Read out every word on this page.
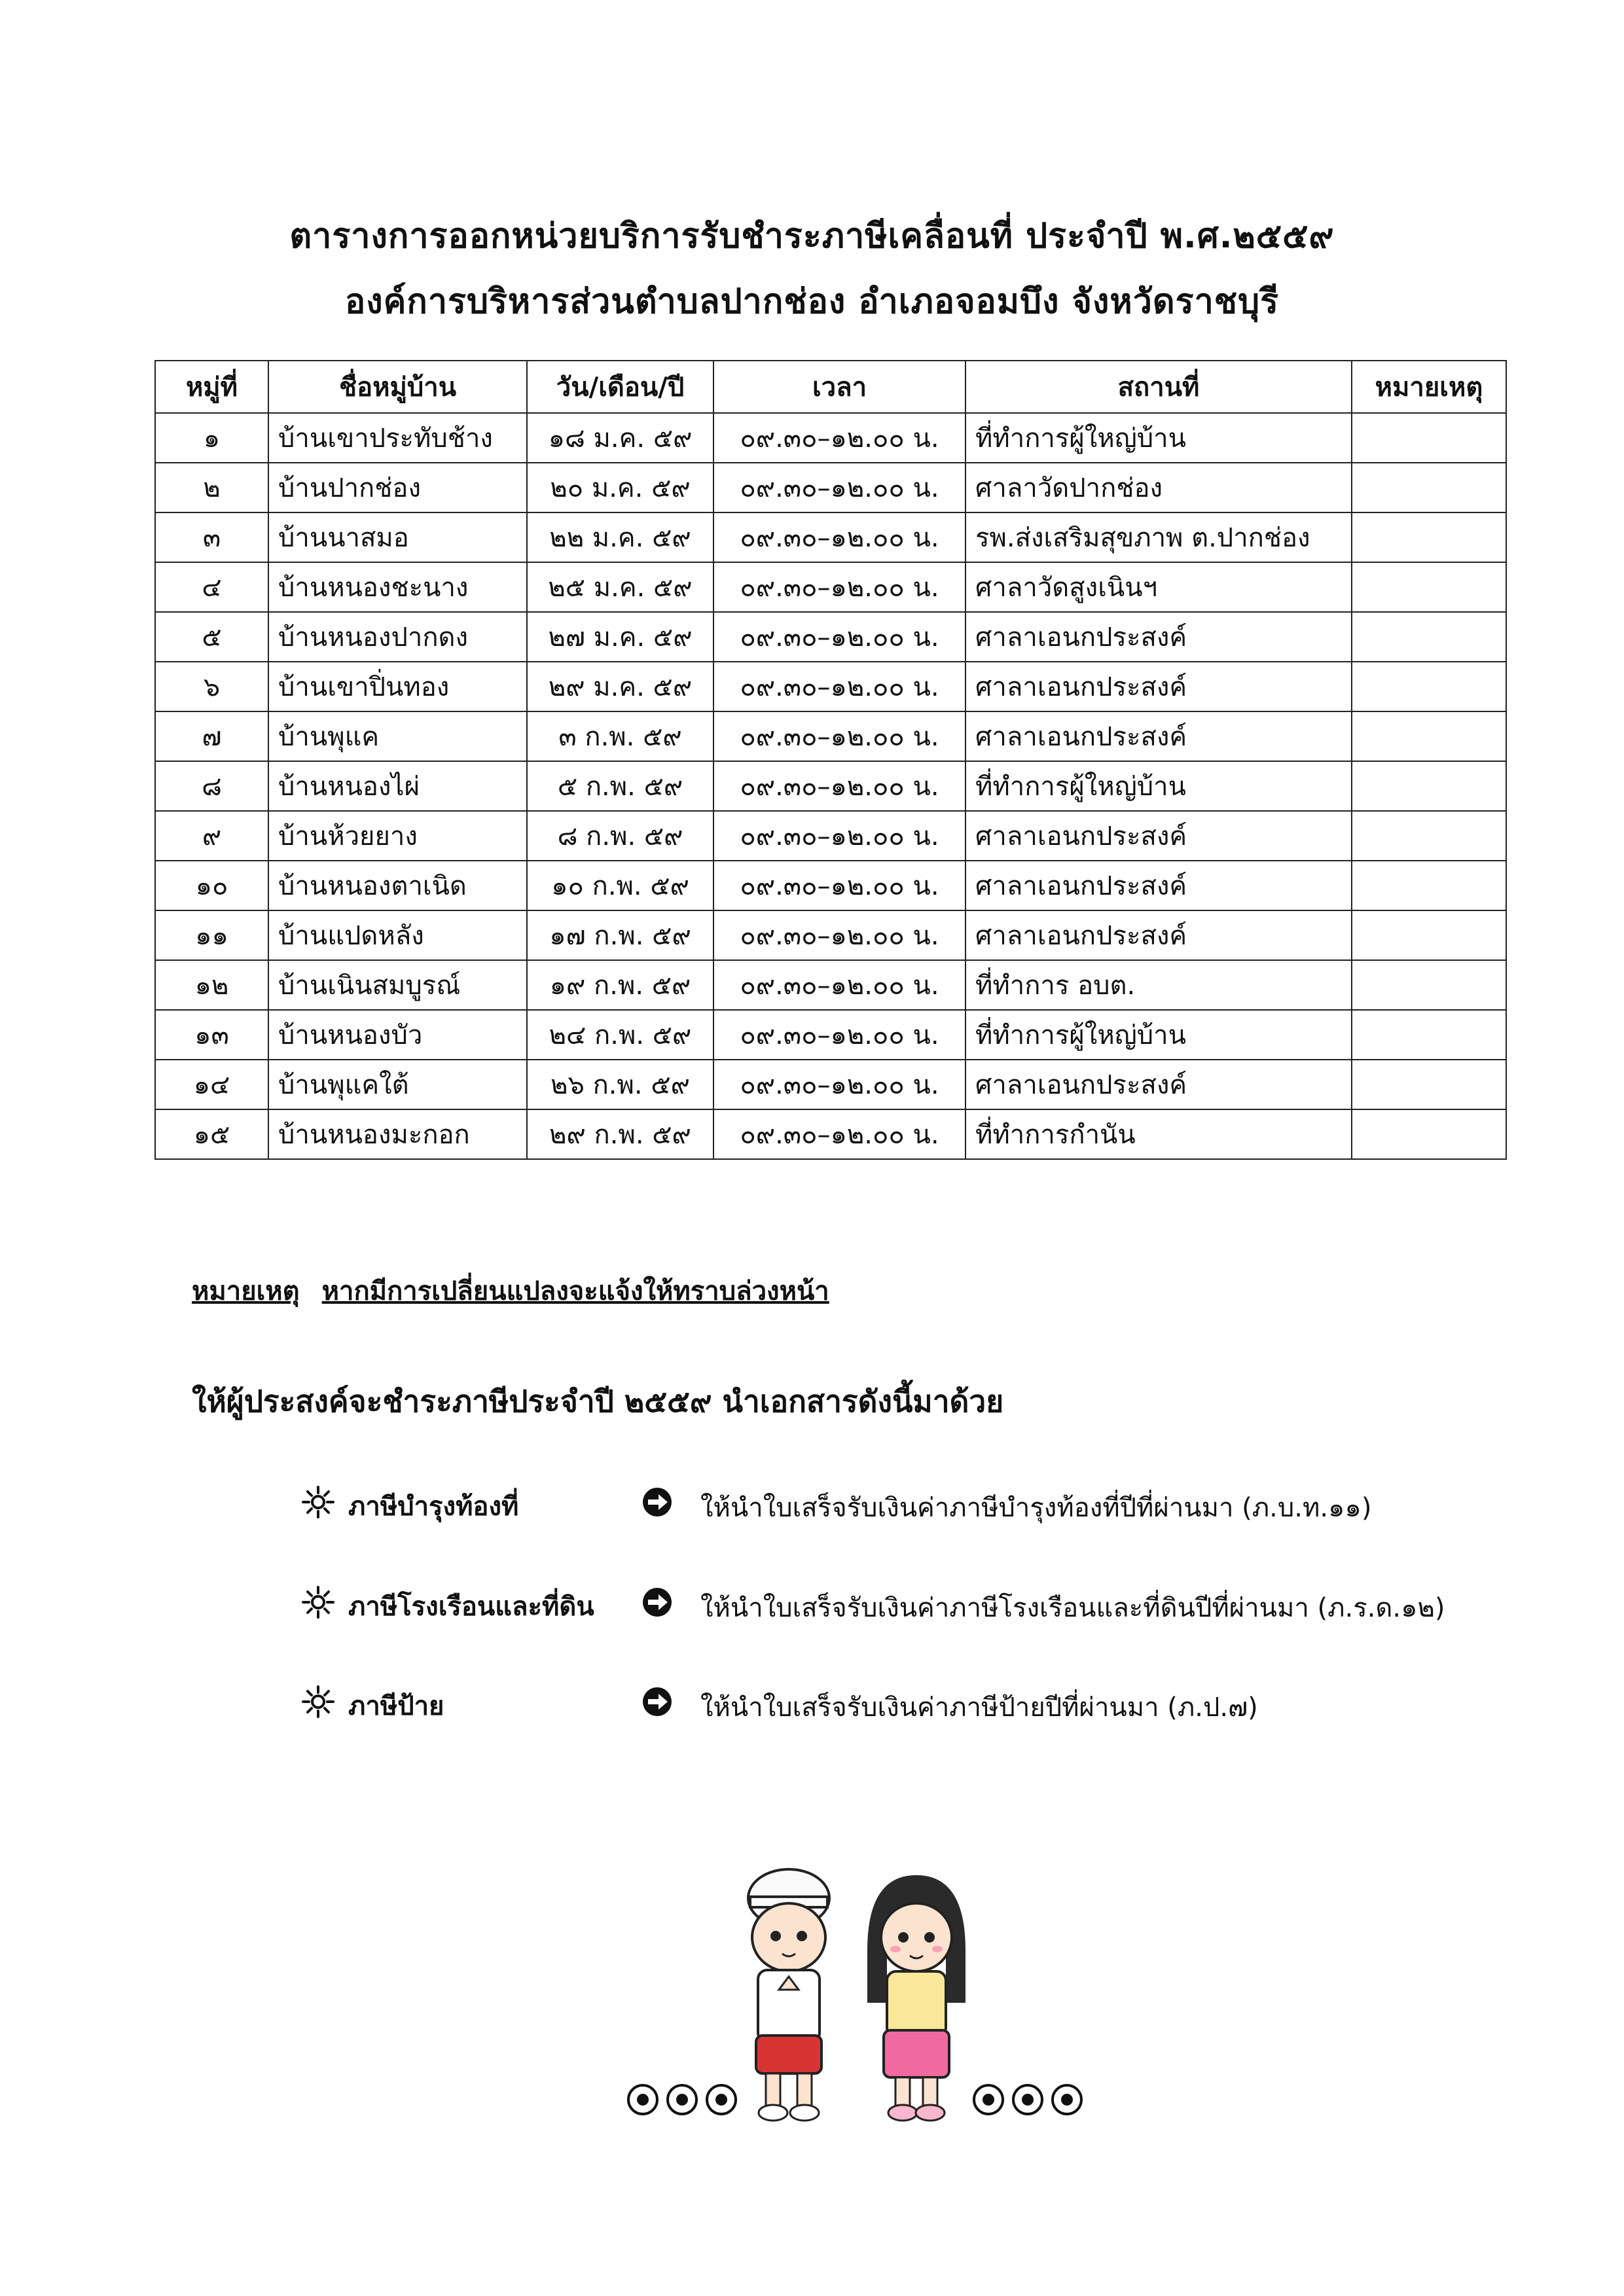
ตารางการออกหน่วยบริการรับชำระภาษีเคลื่อนที่ ประจำปี พ.ศ.๒๕๕๙
องค์การบริหารส่วนตำบลปากช่อง อำเภอจอมบึง จังหวัดราชบุรี
หมู่ที่	ชื่อหมู่บ้าน	วัน/เดือน/ปี	เวลา	สถานที่	หมายเหตุ
๑	บ้านเขาประทับช้าง	๑๘ ม.ค. ๕๙	๐๙.๓๐–๑๒.๐๐ น.	ที่ทำการผู้ใหญ่บ้าน	
๒	บ้านปากช่อง	๒๐ ม.ค. ๕๙	๐๙.๓๐–๑๒.๐๐ น.	ศาลาวัดปากช่อง	
๓	บ้านนาสมอ	๒๒ ม.ค. ๕๙	๐๙.๓๐–๑๒.๐๐ น.	รพ.ส่งเสริมสุขภาพ ต.ปากช่อง	
๔	บ้านหนองชะนาง	๒๕ ม.ค. ๕๙	๐๙.๓๐–๑๒.๐๐ น.	ศาลาวัดสูงเนินฯ	
๕	บ้านหนองปากดง	๒๗ ม.ค. ๕๙	๐๙.๓๐–๑๒.๐๐ น.	ศาลาเอนกประสงค์	
๖	บ้านเขาปิ่นทอง	๒๙ ม.ค. ๕๙	๐๙.๓๐–๑๒.๐๐ น.	ศาลาเอนกประสงค์	
๗	บ้านพุแค	๓ ก.พ. ๕๙	๐๙.๓๐–๑๒.๐๐ น.	ศาลาเอนกประสงค์	
๘	บ้านหนองไผ่	๕ ก.พ. ๕๙	๐๙.๓๐–๑๒.๐๐ น.	ที่ทำการผู้ใหญ่บ้าน	
๙	บ้านห้วยยาง	๘ ก.พ. ๕๙	๐๙.๓๐–๑๒.๐๐ น.	ศาลาเอนกประสงค์	
๑๐	บ้านหนองตาเนิด	๑๐ ก.พ. ๕๙	๐๙.๓๐–๑๒.๐๐ น.	ศาลาเอนกประสงค์	
๑๑	บ้านแปดหลัง	๑๗ ก.พ. ๕๙	๐๙.๓๐–๑๒.๐๐ น.	ศาลาเอนกประสงค์	
๑๒	บ้านเนินสมบูรณ์	๑๙ ก.พ. ๕๙	๐๙.๓๐–๑๒.๐๐ น.	ที่ทำการ อบต.	
๑๓	บ้านหนองบัว	๒๔ ก.พ. ๕๙	๐๙.๓๐–๑๒.๐๐ น.	ที่ทำการผู้ใหญ่บ้าน	
๑๔	บ้านพุแคใต้	๒๖ ก.พ. ๕๙	๐๙.๓๐–๑๒.๐๐ น.	ศาลาเอนกประสงค์	
๑๕	บ้านหนองมะกอก	๒๙ ก.พ. ๕๙	๐๙.๓๐–๑๒.๐๐ น.	ที่ทำการกำนัน	
หมายเหตุ หากมีการเปลี่ยนแปลงจะแจ้งให้ทราบล่วงหน้า
ให้ผู้ประสงค์จะชำระภาษีประจำปี ๒๕๕๙ นำเอกสารดังนี้มาด้วย
ภาษีบำรุงท้องที่	ให้นำใบเสร็จรับเงินค่าภาษีบำรุงท้องที่ปีที่ผ่านมา (ภ.บ.ท.๑๑)
ภาษีโรงเรือนและที่ดิน	ให้นำใบเสร็จรับเงินค่าภาษีโรงเรือนและที่ดินปีที่ผ่านมา (ภ.ร.ด.๑๒)
ภาษีป้าย	ให้นำใบเสร็จรับเงินค่าภาษีป้ายปีที่ผ่านมา (ภ.ป.๗)
